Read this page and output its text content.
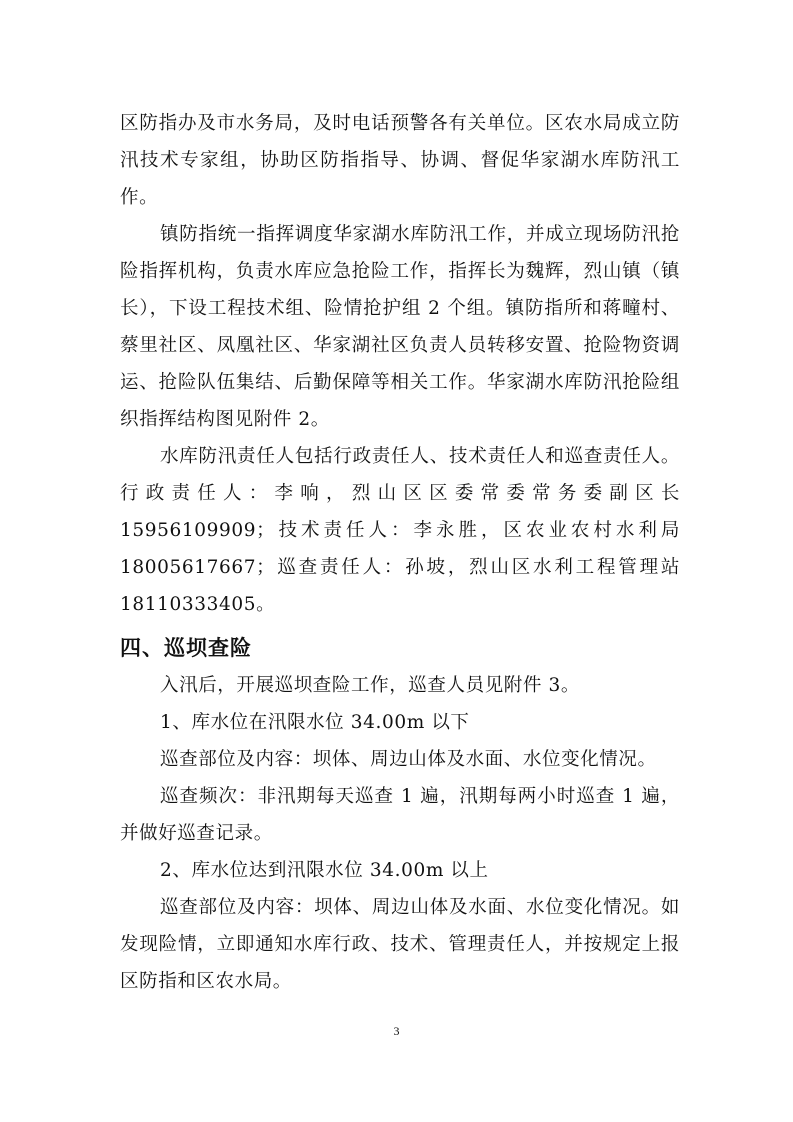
区防指办及市水务局，及时电话预警各有关单位。区农水局成立防汛技术专家组，协助区防指指导、协调、督促华家湖水库防汛工作。

镇防指统一指挥调度华家湖水库防汛工作，并成立现场防汛抢险指挥机构，负责水库应急抢险工作，指挥长为魏辉，烈山镇（镇长），下设工程技术组、险情抢护组 2 个组。镇防指所和蒋疃村、蔡里社区、凤凰社区、华家湖社区负责人员转移安置、抢险物资调运、抢险队伍集结、后勤保障等相关工作。华家湖水库防汛抢险组织指挥结构图见附件 2。

水库防汛责任人包括行政责任人、技术责任人和巡查责任人。行政责任人：李响，烈山区区委常委常务委副区长 15956109909；技术责任人：李永胜，区农业农村水利局 18005617667；巡查责任人：孙坡，烈山区水利工程管理站 18110333405。

四、巡坝查险

入汛后，开展巡坝查险工作，巡查人员见附件 3。

1、库水位在汛限水位 34.00m 以下

巡查部位及内容：坝体、周边山体及水面、水位变化情况。

巡查频次：非汛期每天巡查 1 遍，汛期每两小时巡查 1 遍，并做好巡查记录。

2、库水位达到汛限水位 34.00m 以上

巡查部位及内容：坝体、周边山体及水面、水位变化情况。如发现险情，立即通知水库行政、技术、管理责任人，并按规定上报区防指和区农水局。

3
